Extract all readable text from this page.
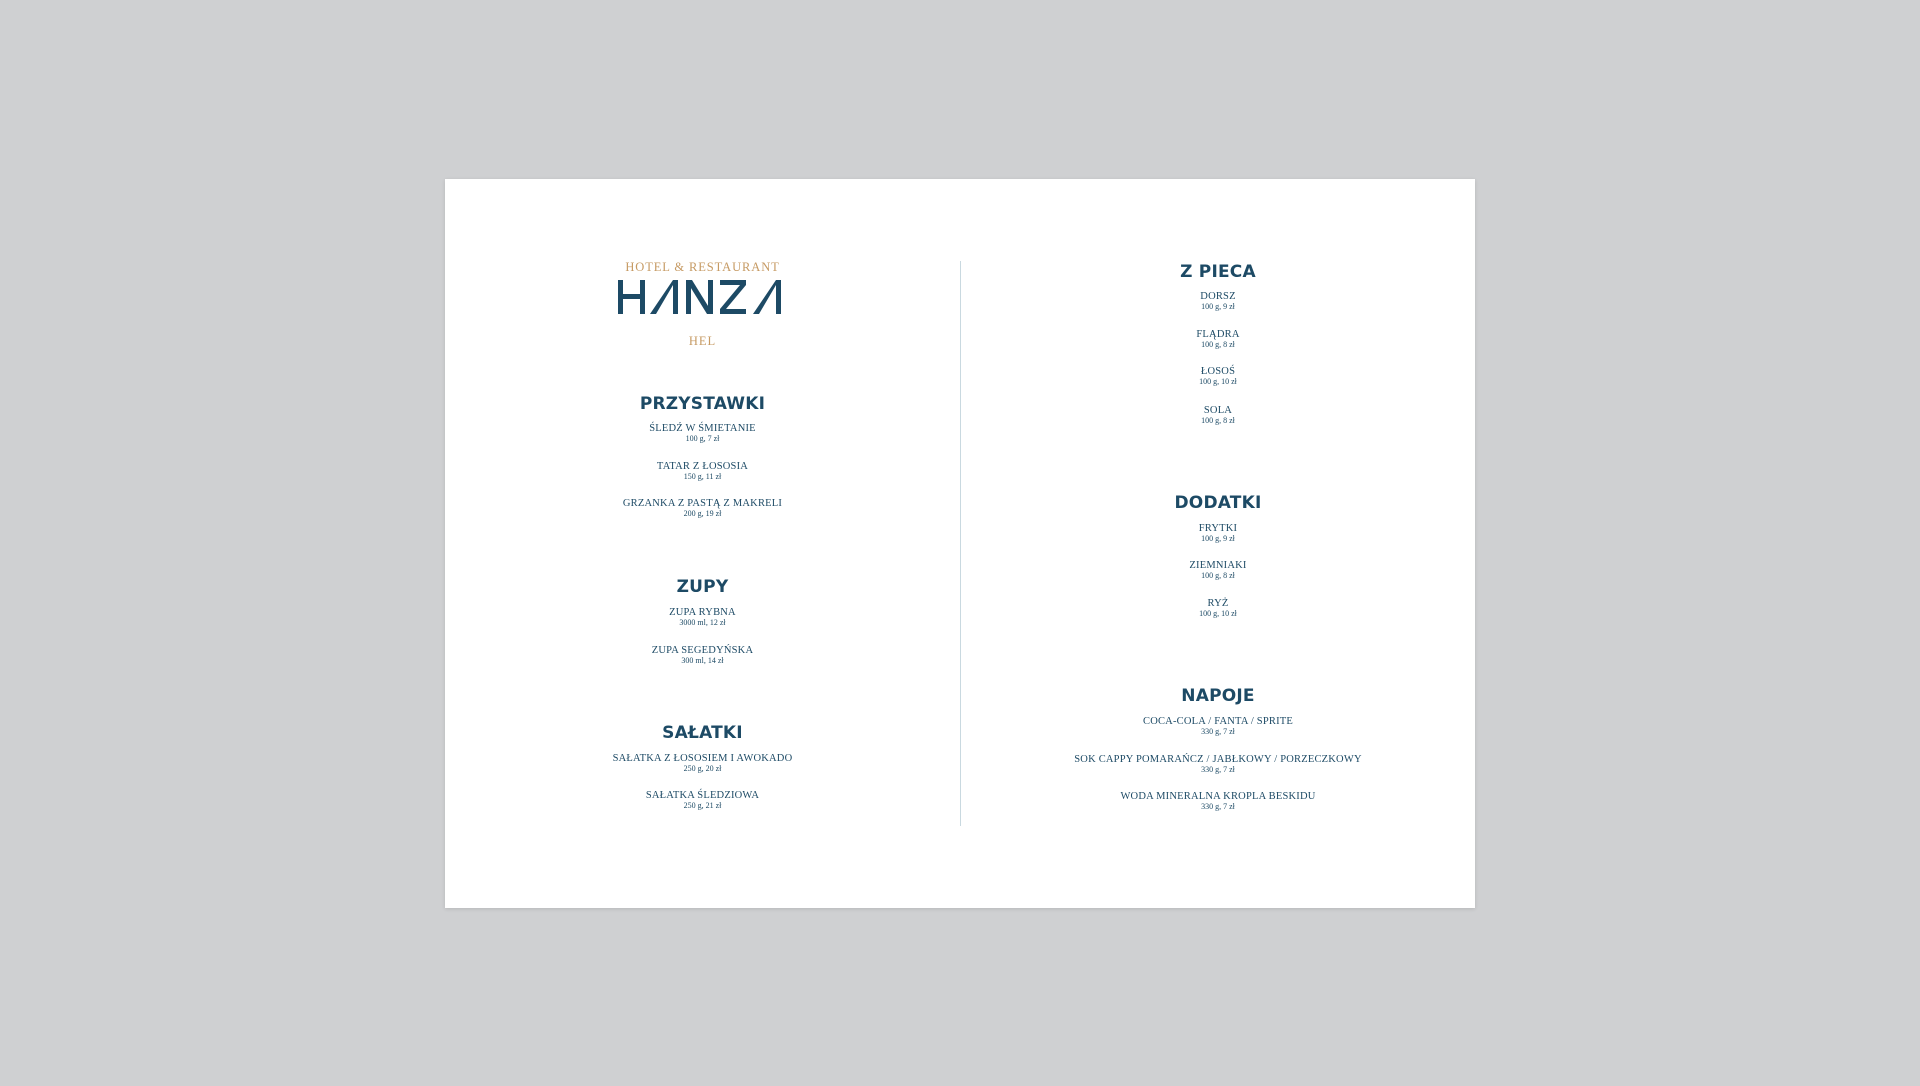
HOTEL & RESTAURANT
HEL
PRZYSTAWKI
ŚLEDŹ W ŚMIETANIE
100 g, 7 zł
TATAR Z ŁOSOSIA
150 g, 11 zł
GRZANKA Z PASTĄ Z MAKRELI
200 g, 19 zł
ZUPY
ZUPA RYBNA
3000 ml, 12 zł
ZUPA SEGEDYŃSKA
300 ml, 14 zł
SAŁATKI
SAŁATKA Z ŁOSOSIEM I AWOKADO
250 g, 20 zł
SAŁATKA ŚLEDZIOWA
250 g, 21 zł
Z PIECA
DORSZ
100 g, 9 zł
FLĄDRA
100 g, 8 zł
ŁOSOŚ
100 g, 10 zł
SOLA
100 g, 8 zł
DODATKI
FRYTKI
100 g, 9 zł
ZIEMNIAKI
100 g, 8 zł
RYŻ
100 g, 10 zł
NAPOJE
COCA-COLA / FANTA / SPRITE
330 g, 7 zł
SOK CAPPY POMARAŃCZ / JABŁKOWY / PORZECZKOWY
330 g, 7 zł
WODA MINERALNA KROPLA BESKIDU
330 g, 7 zł
